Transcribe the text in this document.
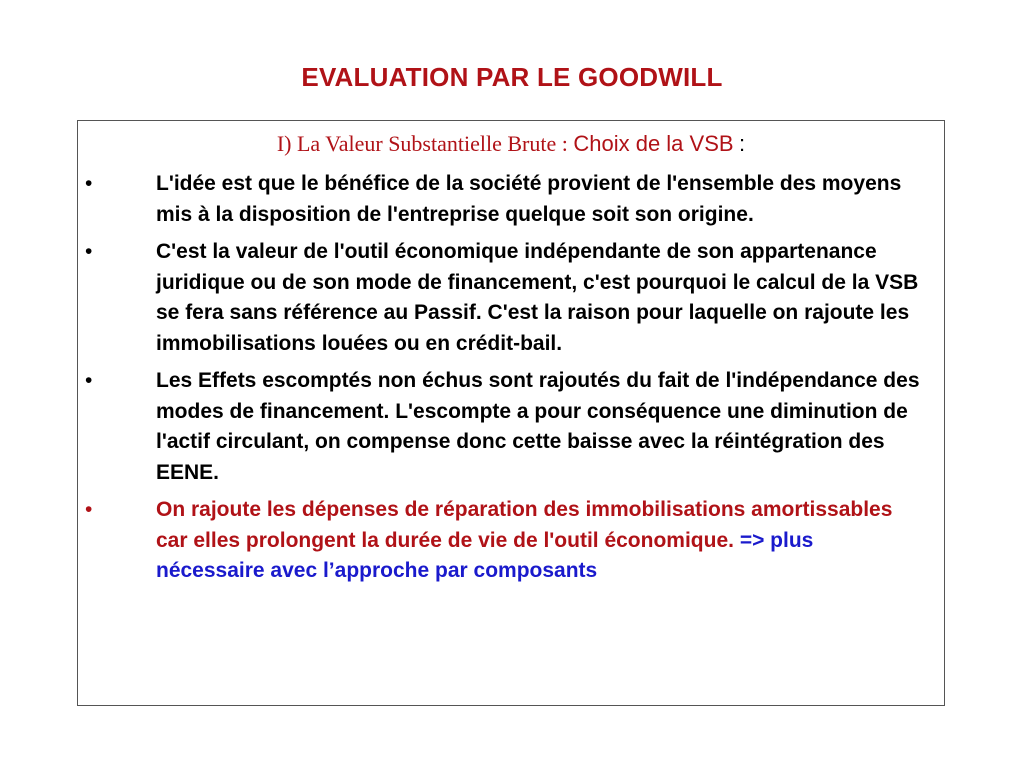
EVALUATION PAR LE GOODWILL
I) La Valeur Substantielle Brute : Choix de la VSB :
•	L'idée est que le bénéfice de la société provient de l'ensemble des moyens mis à la disposition de l'entreprise quelque soit son origine.
•	C'est la valeur de l'outil économique indépendante de son appartenance juridique ou de son mode de financement, c'est pourquoi le calcul de la VSB se fera sans référence au Passif. C'est la raison pour laquelle on rajoute les immobilisations louées ou en crédit-bail.
•	Les Effets escomptés non échus sont rajoutés du fait de l'indépendance des modes de financement. L'escompte a pour conséquence une diminution de l'actif circulant, on compense donc cette baisse avec la réintégration des EENE.
•	On rajoute les dépenses de réparation des immobilisations amortissables car elles prolongent la durée de vie de l'outil économique. => plus nécessaire avec l’approche par composants
